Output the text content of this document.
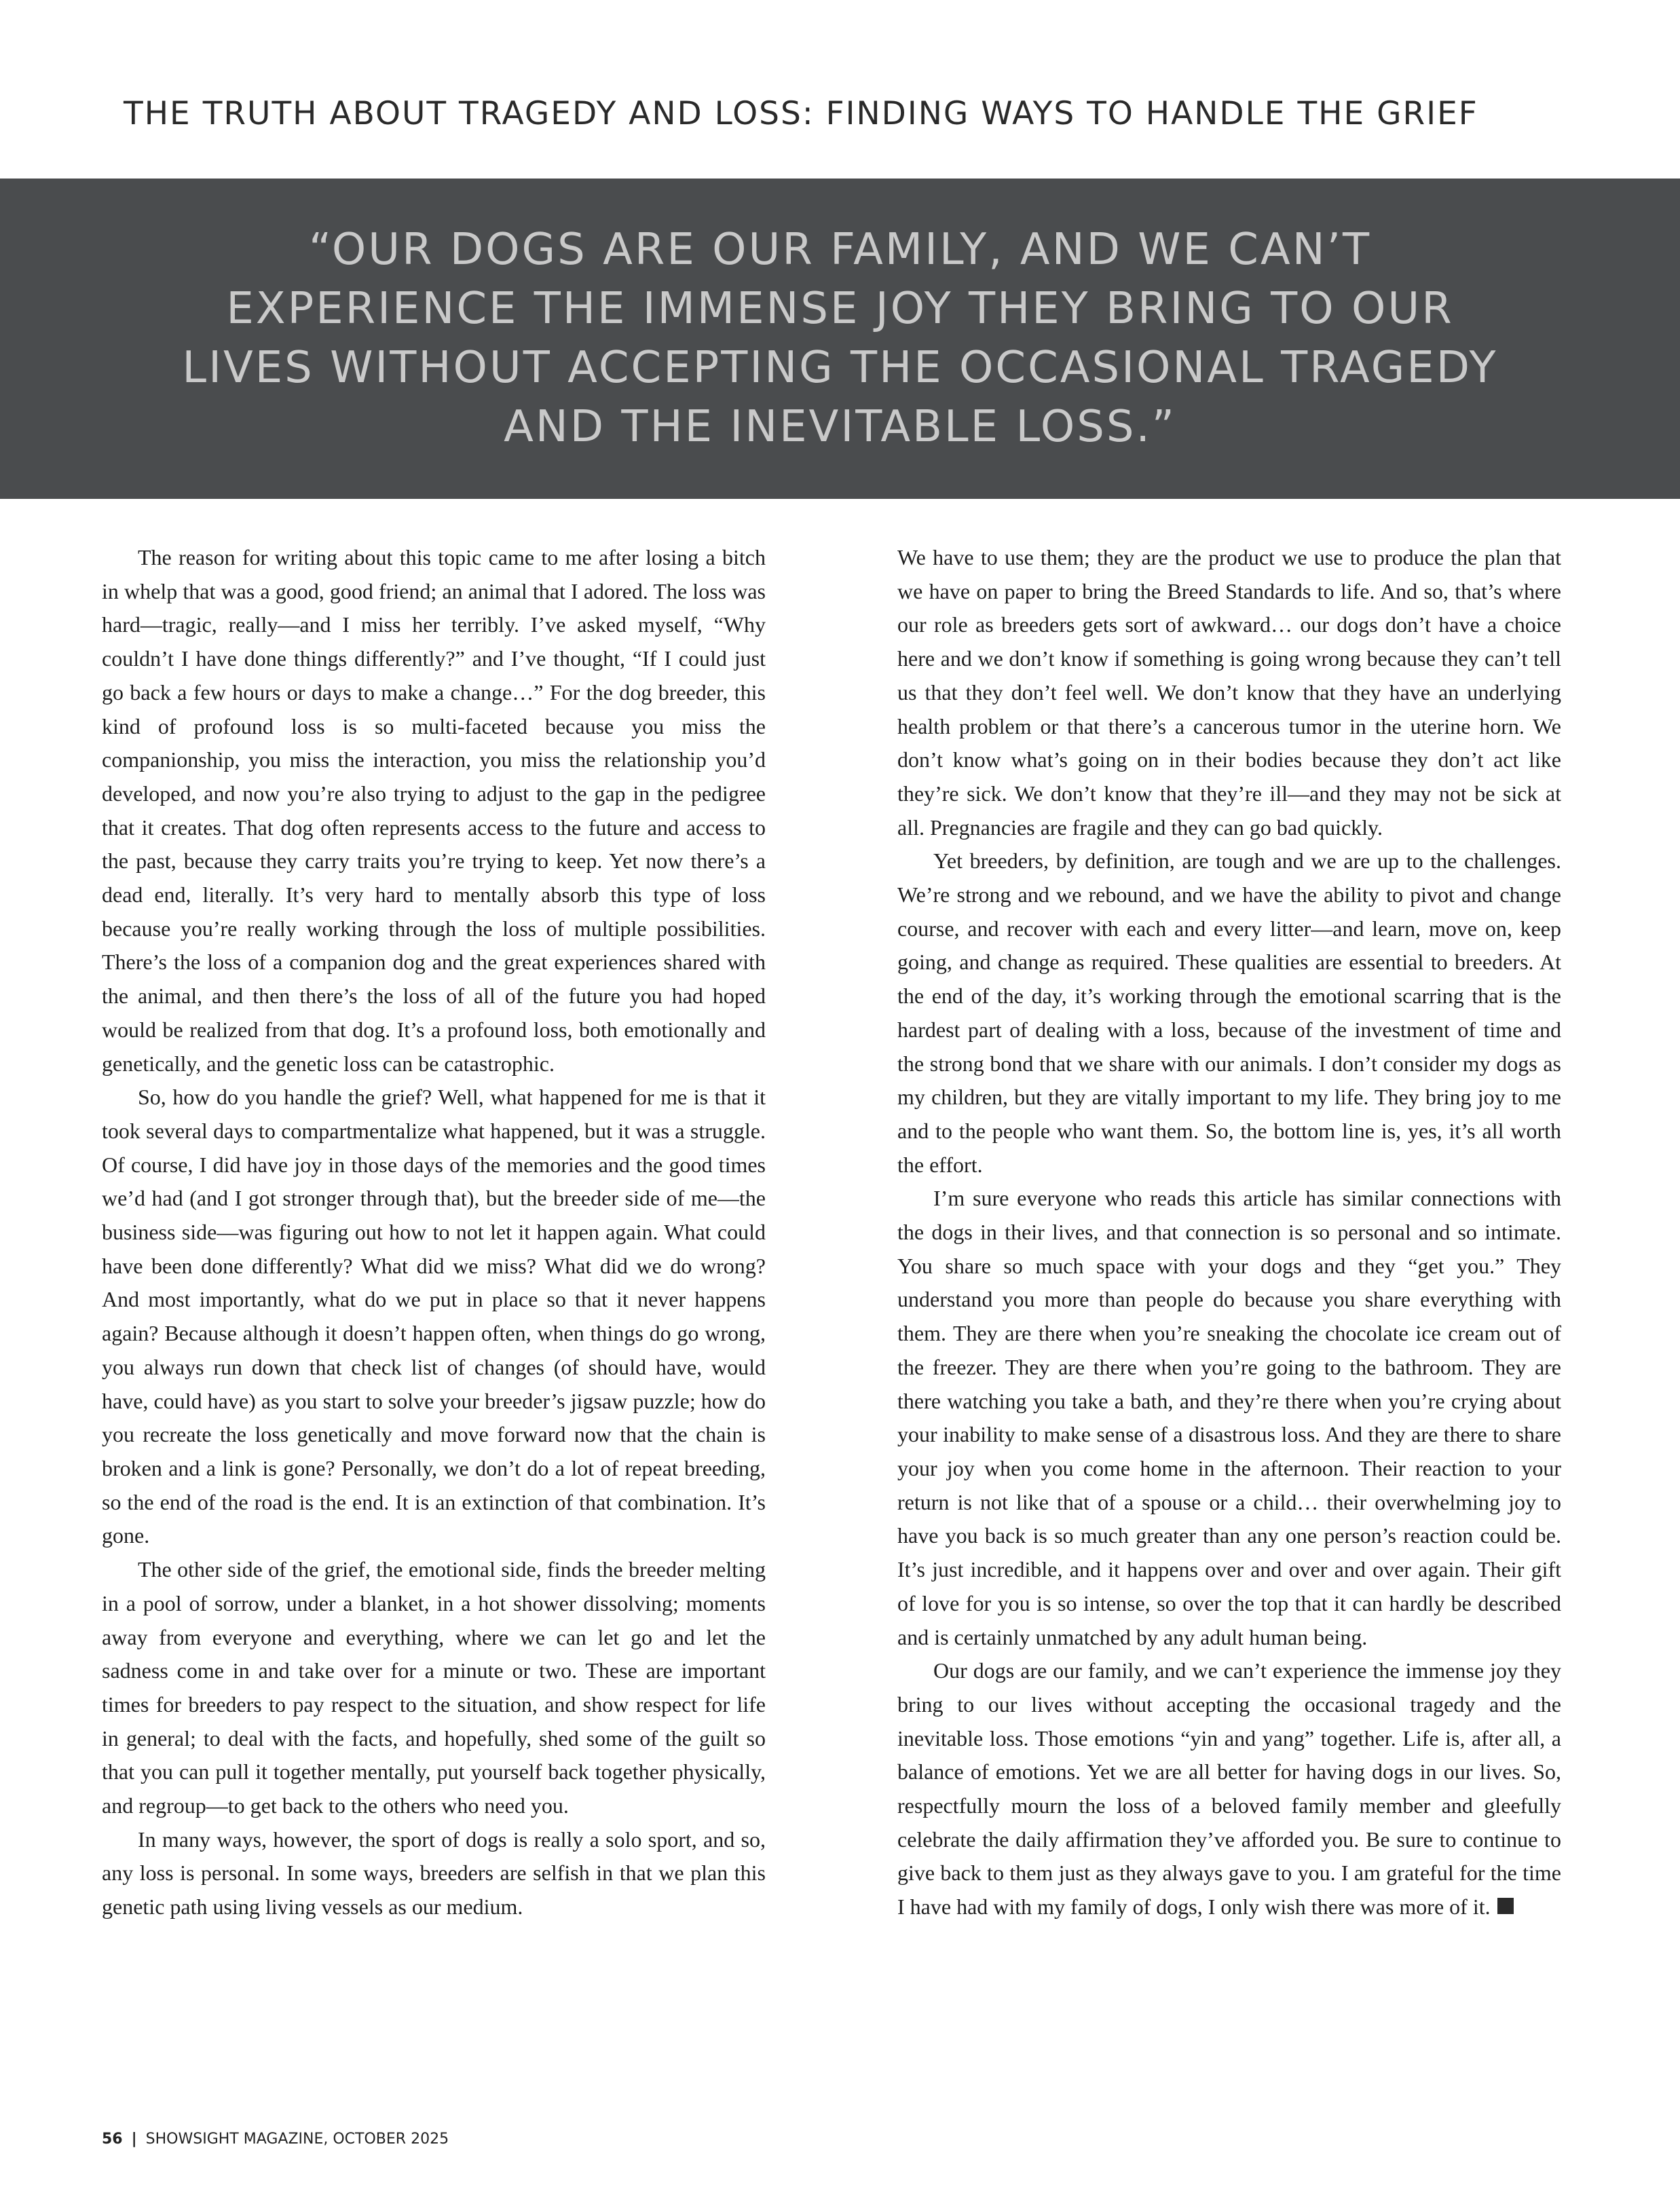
THE TRUTH ABOUT TRAGEDY AND LOSS: FINDING WAYS TO HANDLE THE GRIEF

“OUR DOGS ARE OUR FAMILY, AND WE CAN’T EXPERIENCE THE IMMENSE JOY THEY BRING TO OUR LIVES WITHOUT ACCEPTING THE OCCASIONAL TRAGEDY AND THE INEVITABLE LOSS.”

The reason for writing about this topic came to me after losing a bitch in whelp that was a good, good friend; an animal that I adored. The loss was hard—tragic, really—and I miss her terribly. I’ve asked myself, “Why couldn’t I have done things differently?” and I’ve thought, “If I could just go back a few hours or days to make a change…” For the dog breeder, this kind of profound loss is so multi-faceted because you miss the companionship, you miss the interaction, you miss the relationship you’d developed, and now you’re also trying to adjust to the gap in the pedigree that it creates. That dog often represents access to the future and access to the past, because they carry traits you’re trying to keep. Yet now there’s a dead end, literally. It’s very hard to mentally absorb this type of loss because you’re really working through the loss of multiple possibilities. There’s the loss of a companion dog and the great experiences shared with the animal, and then there’s the loss of all of the future you had hoped would be realized from that dog. It’s a profound loss, both emotionally and genetically, and the genetic loss can be catastrophic.

So, how do you handle the grief? Well, what happened for me is that it took several days to compartmentalize what happened, but it was a struggle. Of course, I did have joy in those days of the memories and the good times we’d had (and I got stronger through that), but the breeder side of me—the business side—was figuring out how to not let it happen again. What could have been done differently? What did we miss? What did we do wrong? And most importantly, what do we put in place so that it never happens again? Because although it doesn’t happen often, when things do go wrong, you always run down that check list of changes (of should have, would have, could have) as you start to solve your breeder’s jigsaw puzzle; how do you recreate the loss genetically and move forward now that the chain is broken and a link is gone? Personally, we don’t do a lot of repeat breeding, so the end of the road is the end. It is an extinction of that combination. It’s gone.

The other side of the grief, the emotional side, finds the breeder melting in a pool of sorrow, under a blanket, in a hot shower dissolving; moments away from everyone and everything, where we can let go and let the sadness come in and take over for a minute or two. These are important times for breeders to pay respect to the situation, and show respect for life in general; to deal with the facts, and hopefully, shed some of the guilt so that you can pull it together mentally, put yourself back together physically, and regroup—to get back to the others who need you.

In many ways, however, the sport of dogs is really a solo sport, and so, any loss is personal. In some ways, breeders are selfish in that we plan this genetic path using living vessels as our medium.

We have to use them; they are the product we use to produce the plan that we have on paper to bring the Breed Standards to life. And so, that’s where our role as breeders gets sort of awkward… our dogs don’t have a choice here and we don’t know if something is going wrong because they can’t tell us that they don’t feel well. We don’t know that they have an underlying health problem or that there’s a cancerous tumor in the uterine horn. We don’t know what’s going on in their bodies because they don’t act like they’re sick. We don’t know that they’re ill—and they may not be sick at all. Pregnancies are fragile and they can go bad quickly.

Yet breeders, by definition, are tough and we are up to the challenges. We’re strong and we rebound, and we have the ability to pivot and change course, and recover with each and every litter—and learn, move on, keep going, and change as required. These qualities are essential to breeders. At the end of the day, it’s working through the emotional scarring that is the hardest part of dealing with a loss, because of the investment of time and the strong bond that we share with our animals. I don’t consider my dogs as my children, but they are vitally important to my life. They bring joy to me and to the people who want them. So, the bottom line is, yes, it’s all worth the effort.

I’m sure everyone who reads this article has similar connections with the dogs in their lives, and that connection is so personal and so intimate. You share so much space with your dogs and they “get you.” They understand you more than people do because you share everything with them. They are there when you’re sneaking the chocolate ice cream out of the freezer. They are there when you’re going to the bathroom. They are there watching you take a bath, and they’re there when you’re crying about your inability to make sense of a disastrous loss. And they are there to share your joy when you come home in the afternoon. Their reaction to your return is not like that of a spouse or a child… their overwhelming joy to have you back is so much greater than any one person’s reaction could be. It’s just incredible, and it happens over and over and over again. Their gift of love for you is so intense, so over the top that it can hardly be described and is certainly unmatched by any adult human being.

Our dogs are our family, and we can’t experience the immense joy they bring to our lives without accepting the occasional tragedy and the inevitable loss. Those emotions “yin and yang” together. Life is, after all, a balance of emotions. Yet we are all better for having dogs in our lives. So, respectfully mourn the loss of a beloved family member and gleefully celebrate the daily affirmation they’ve afforded you. Be sure to continue to give back to them just as they always gave to you. I am grateful for the time I have had with my family of dogs, I only wish there was more of it.

56 | SHOWSIGHT MAGAZINE, OCTOBER 2025
